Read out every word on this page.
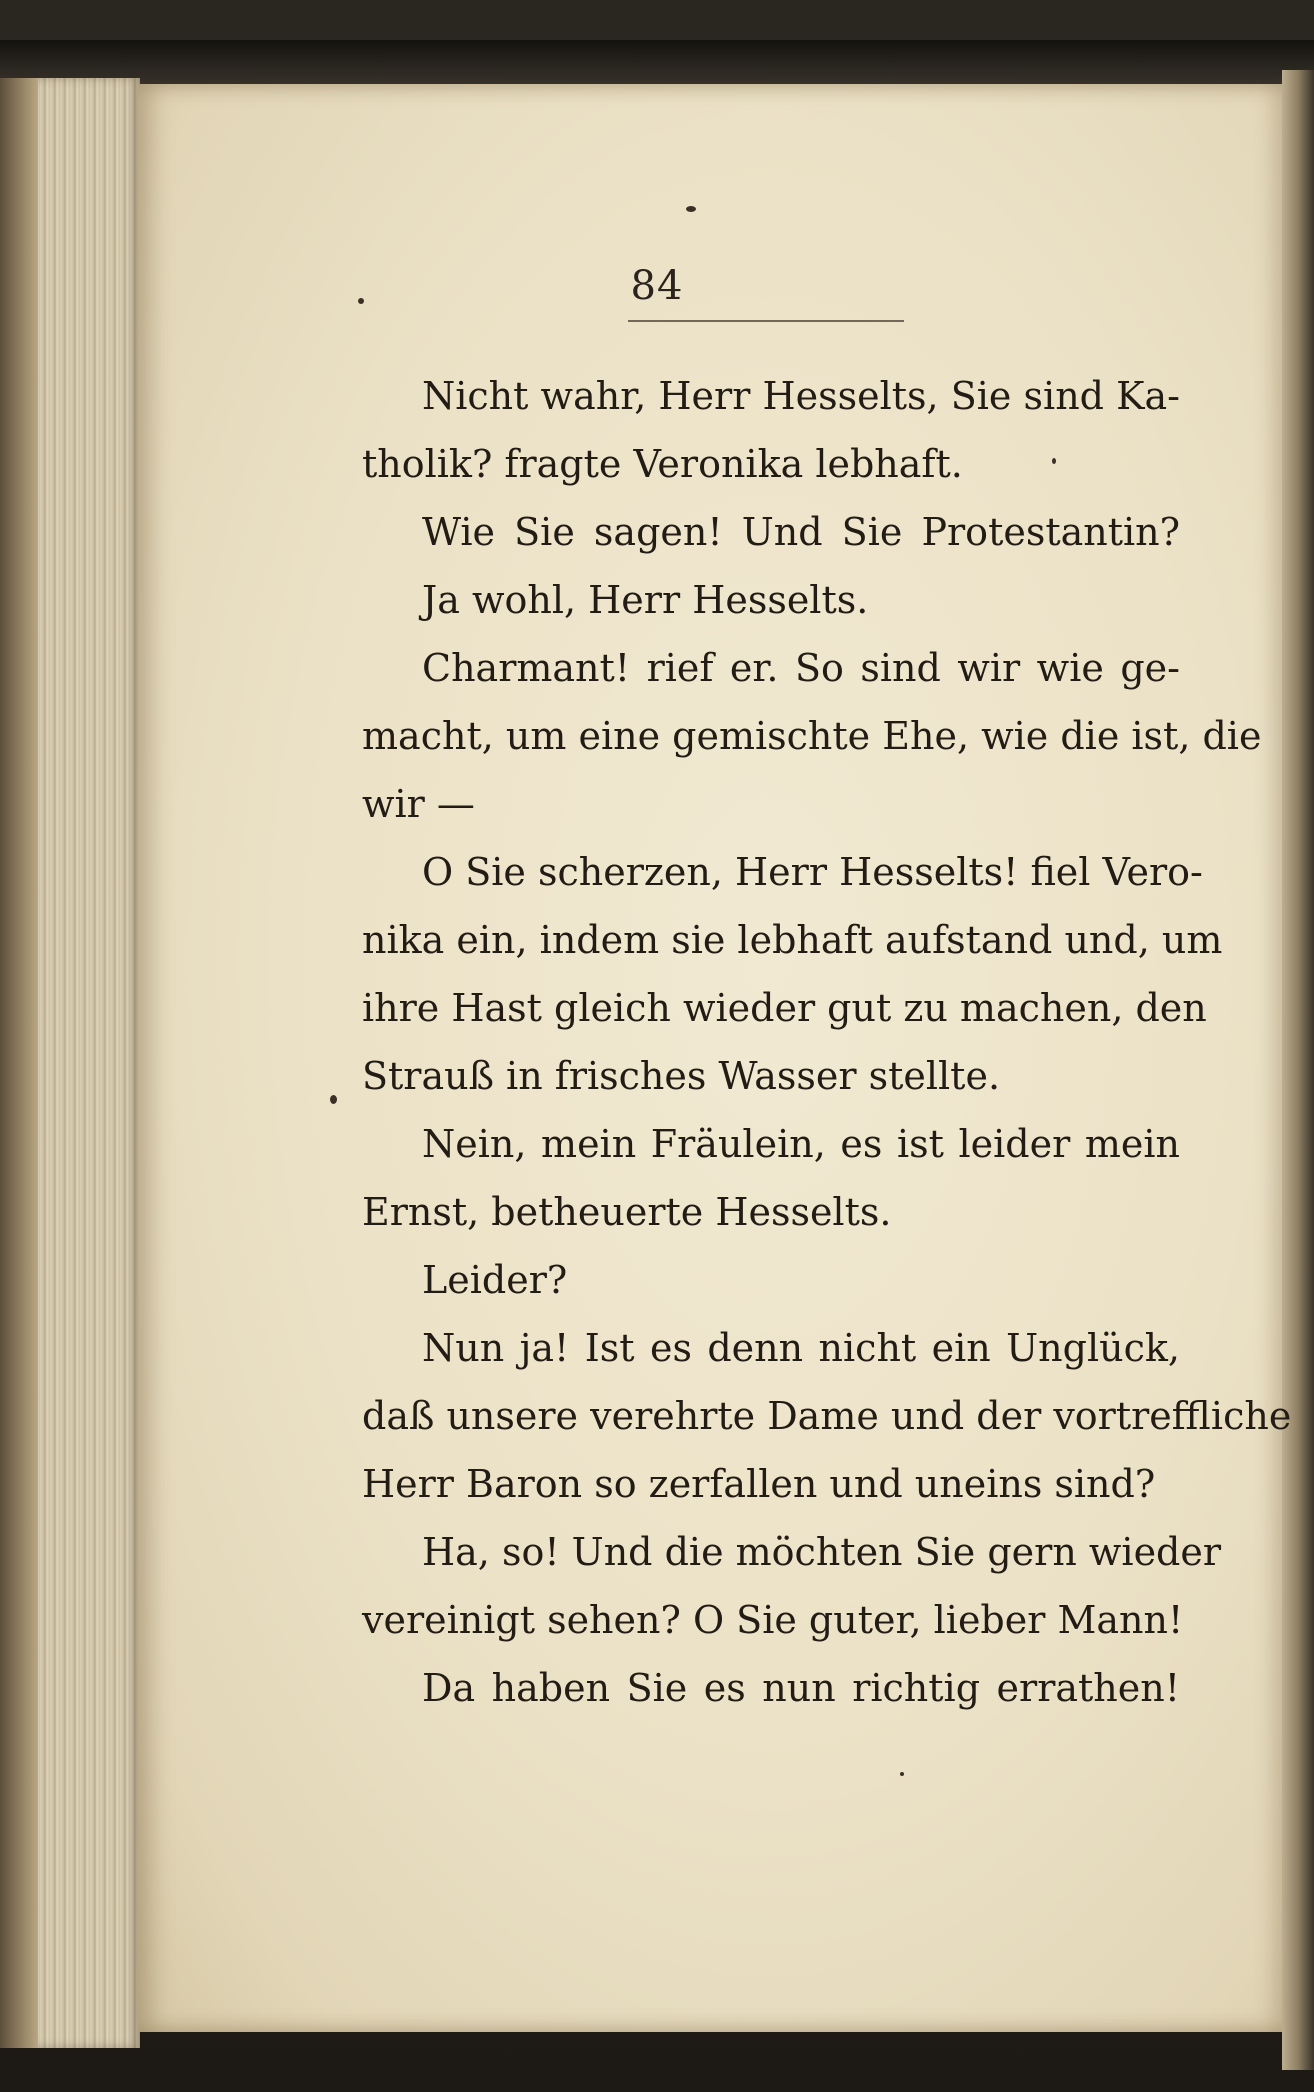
84
Nicht wahr, Herr Hesselts, Sie sind Ka-
tholik? fragte Veronika lebhaft.
Wie Sie sagen! Und Sie Protestantin?
Ja wohl, Herr Hesselts.
Charmant! rief er. So sind wir wie ge-
macht, um eine gemischte Ehe, wie die ist, die
wir —
O Sie scherzen, Herr Hesselts! fiel Vero-
nika ein, indem sie lebhaft aufstand und, um
ihre Hast gleich wieder gut zu machen, den
Strauß in frisches Wasser stellte.
Nein, mein Fräulein, es ist leider mein
Ernst, betheuerte Hesselts.
Leider?
Nun ja! Ist es denn nicht ein Unglück,
daß unsere verehrte Dame und der vortreffliche
Herr Baron so zerfallen und uneins sind?
Ha, so! Und die möchten Sie gern wieder
vereinigt sehen? O Sie guter, lieber Mann!
Da haben Sie es nun richtig errathen!
